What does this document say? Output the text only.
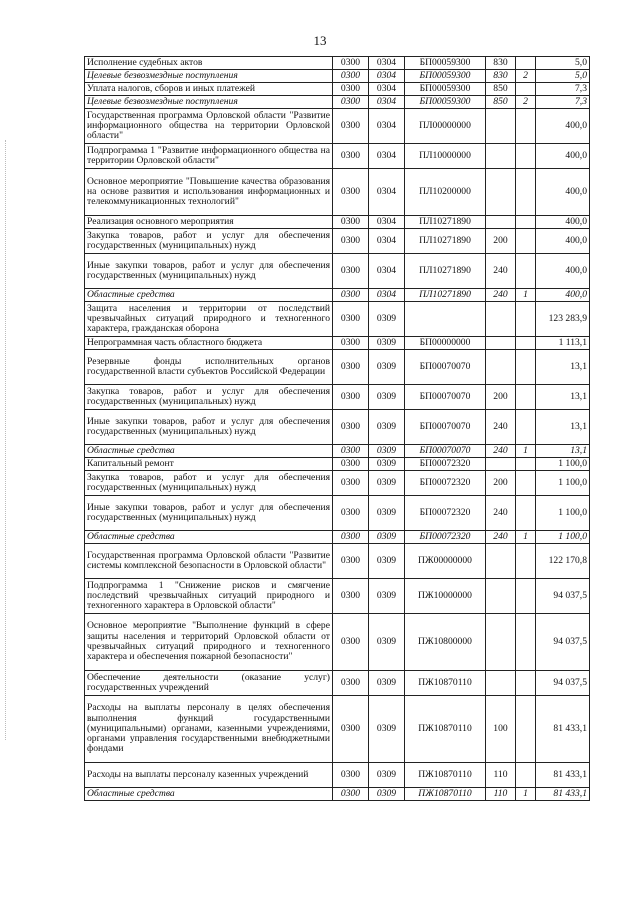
13
Исполнение судебных актов	0300	0304	БП00059300	830		5,0
Целевые безвозмездные поступления	0300	0304	БП00059300	830	2	5,0
Уплата налогов, сборов и иных платежей	0300	0304	БП00059300	850		7,3
Целевые безвозмездные поступления	0300	0304	БП00059300	850	2	7,3
Государственная программа Орловской области "Развитие информационного общества на территории Орловской области"	0300	0304	ПЛ00000000			400,0
Подпрограмма 1 "Развитие информационного общества на территории Орловской области"	0300	0304	ПЛ10000000			400,0
Основное мероприятие "Повышение качества образования на основе развития и использования информационных и телекоммуникационных технологий"	0300	0304	ПЛ10200000			400,0
Реализация основного мероприятия	0300	0304	ПЛ10271890			400,0
Закупка товаров, работ и услуг для обеспечения государственных (муниципальных) нужд	0300	0304	ПЛ10271890	200		400,0
Иные закупки товаров, работ и услуг для обеспечения государственных (муниципальных) нужд	0300	0304	ПЛ10271890	240		400,0
Областные средства	0300	0304	ПЛ10271890	240	1	400,0
Защита населения и территории от последствий чрезвычайных ситуаций природного и техногенного характера, гражданская оборона	0300	0309				123 283,9
Непрограммная часть областного бюджета	0300	0309	БП00000000			1 113,1
Резервные фонды исполнительных органов государственной власти субъектов Российской Федерации	0300	0309	БП00070070			13,1
Закупка товаров, работ и услуг для обеспечения государственных (муниципальных) нужд	0300	0309	БП00070070	200		13,1
Иные закупки товаров, работ и услуг для обеспечения государственных (муниципальных) нужд	0300	0309	БП00070070	240		13,1
Областные средства	0300	0309	БП00070070	240	1	13,1
Капитальный ремонт	0300	0309	БП00072320			1 100,0
Закупка товаров, работ и услуг для обеспечения государственных (муниципальных) нужд	0300	0309	БП00072320	200		1 100,0
Иные закупки товаров, работ и услуг для обеспечения государственных (муниципальных) нужд	0300	0309	БП00072320	240		1 100,0
Областные средства	0300	0309	БП00072320	240	1	1 100,0
Государственная программа Орловской области "Развитие системы комплексной безопасности в Орловской области"	0300	0309	ПЖ00000000			122 170,8
Подпрограмма 1 "Снижение рисков и смягчение последствий чрезвычайных ситуаций природного и техногенного характера в Орловской области"	0300	0309	ПЖ10000000			94 037,5
Основное мероприятие "Выполнение функций в сфере защиты населения и территорий Орловской области от чрезвычайных ситуаций природного и техногенного характера и обеспечения пожарной безопасности"	0300	0309	ПЖ10800000			94 037,5
Обеспечение деятельности (оказание услуг) государственных учреждений	0300	0309	ПЖ10870110			94 037,5
Расходы на выплаты персоналу в целях обеспечения выполнения функций государственными (муниципальными) органами, казенными учреждениями, органами управления государственными внебюджетными фондами	0300	0309	ПЖ10870110	100		81 433,1
Расходы на выплаты персоналу казенных учреждений	0300	0309	ПЖ10870110	110		81 433,1
Областные средства	0300	0309	ПЖ10870110	110	1	81 433,1
